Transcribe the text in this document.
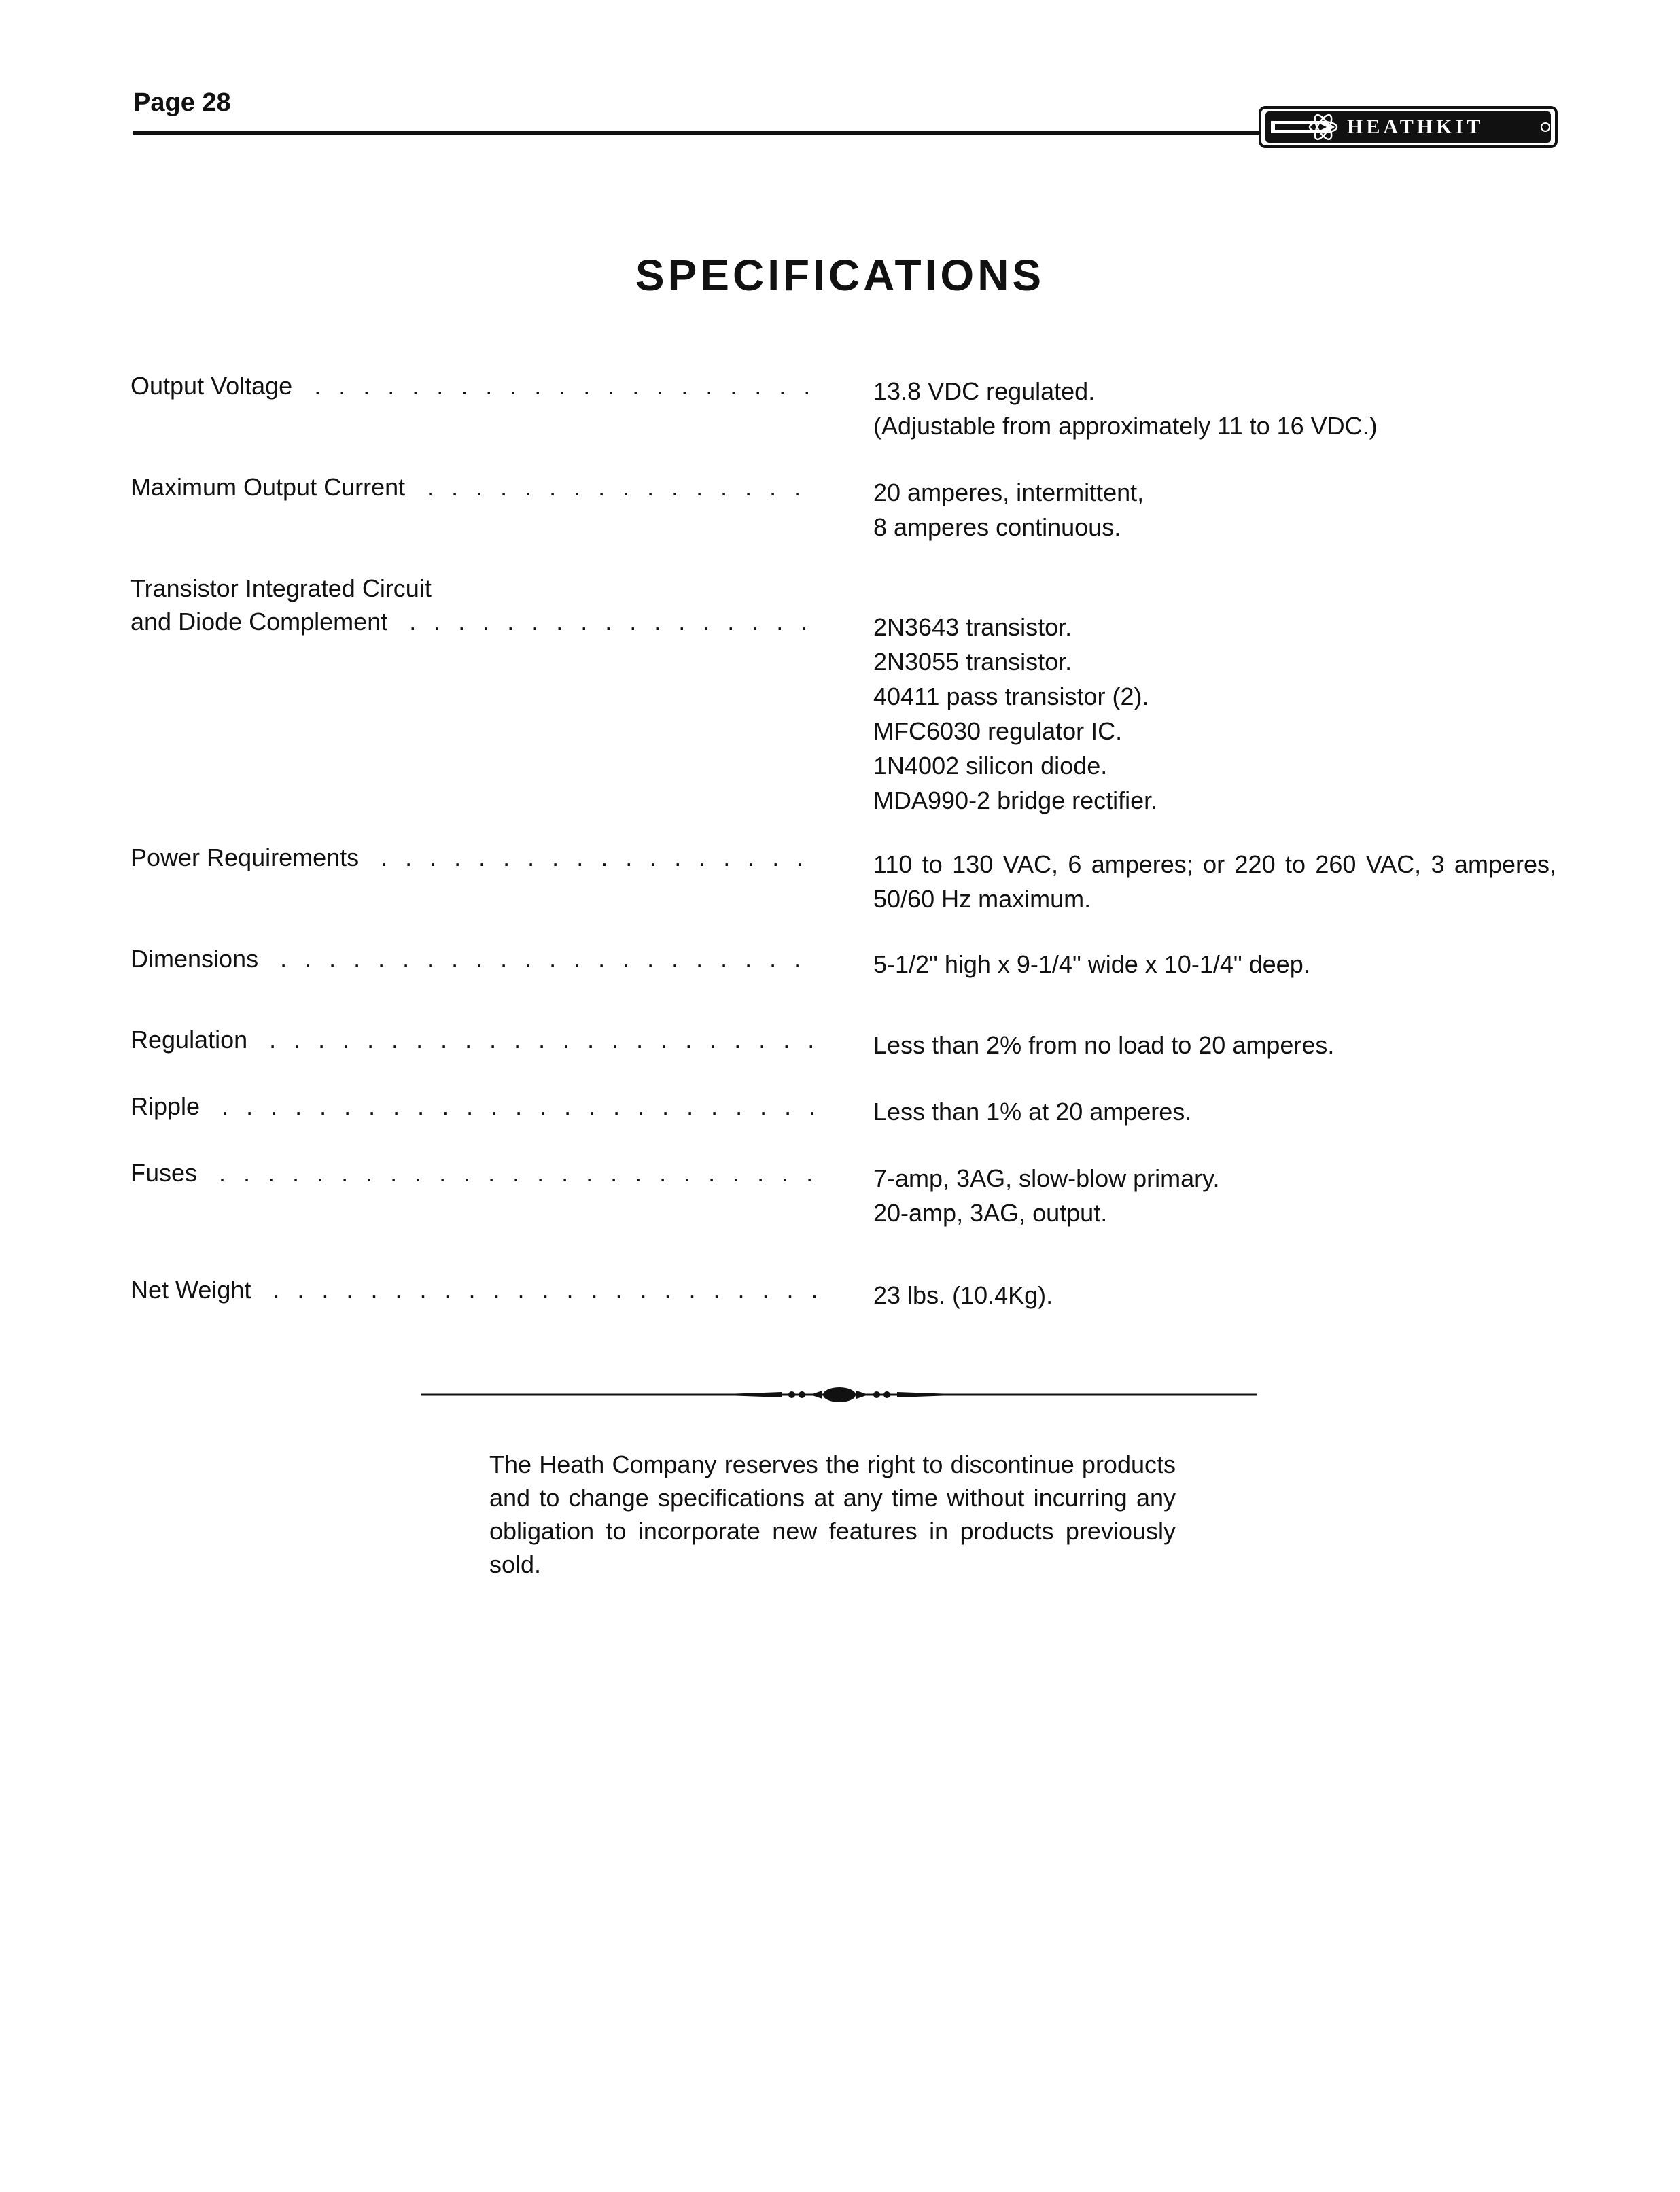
Page 28
HEATHKIT
SPECIFICATIONS
Output Voltage . . .	13.8 VDC regulated.
(Adjustable from approximately 11 to 16 VDC.)
Maximum Output Current . . .	20 amperes, intermittent,
8 amperes continuous.
Transistor Integrated Circuit
and Diode Complement . . .	2N3643 transistor.
2N3055 transistor.
40411 pass transistor (2).
MFC6030 regulator IC.
1N4002 silicon diode.
MDA990-2 bridge rectifier.
Power Requirements . . .	110 to 130 VAC, 6 amperes; or 220 to 260 VAC, 3 amperes, 50/60 Hz maximum.
Dimensions . . .	5-1/2" high x 9-1/4" wide x 10-1/4" deep.
Regulation . . .	Less than 2% from no load to 20 amperes.
Ripple . . .	Less than 1% at 20 amperes.
Fuses . . .	7-amp, 3AG, slow-blow primary.
20-amp, 3AG, output.
Net Weight . . .	23 lbs. (10.4Kg).
The Heath Company reserves the right to discontinue products and to change specifications at any time without incurring any obligation to incorporate new features in products previously sold.
